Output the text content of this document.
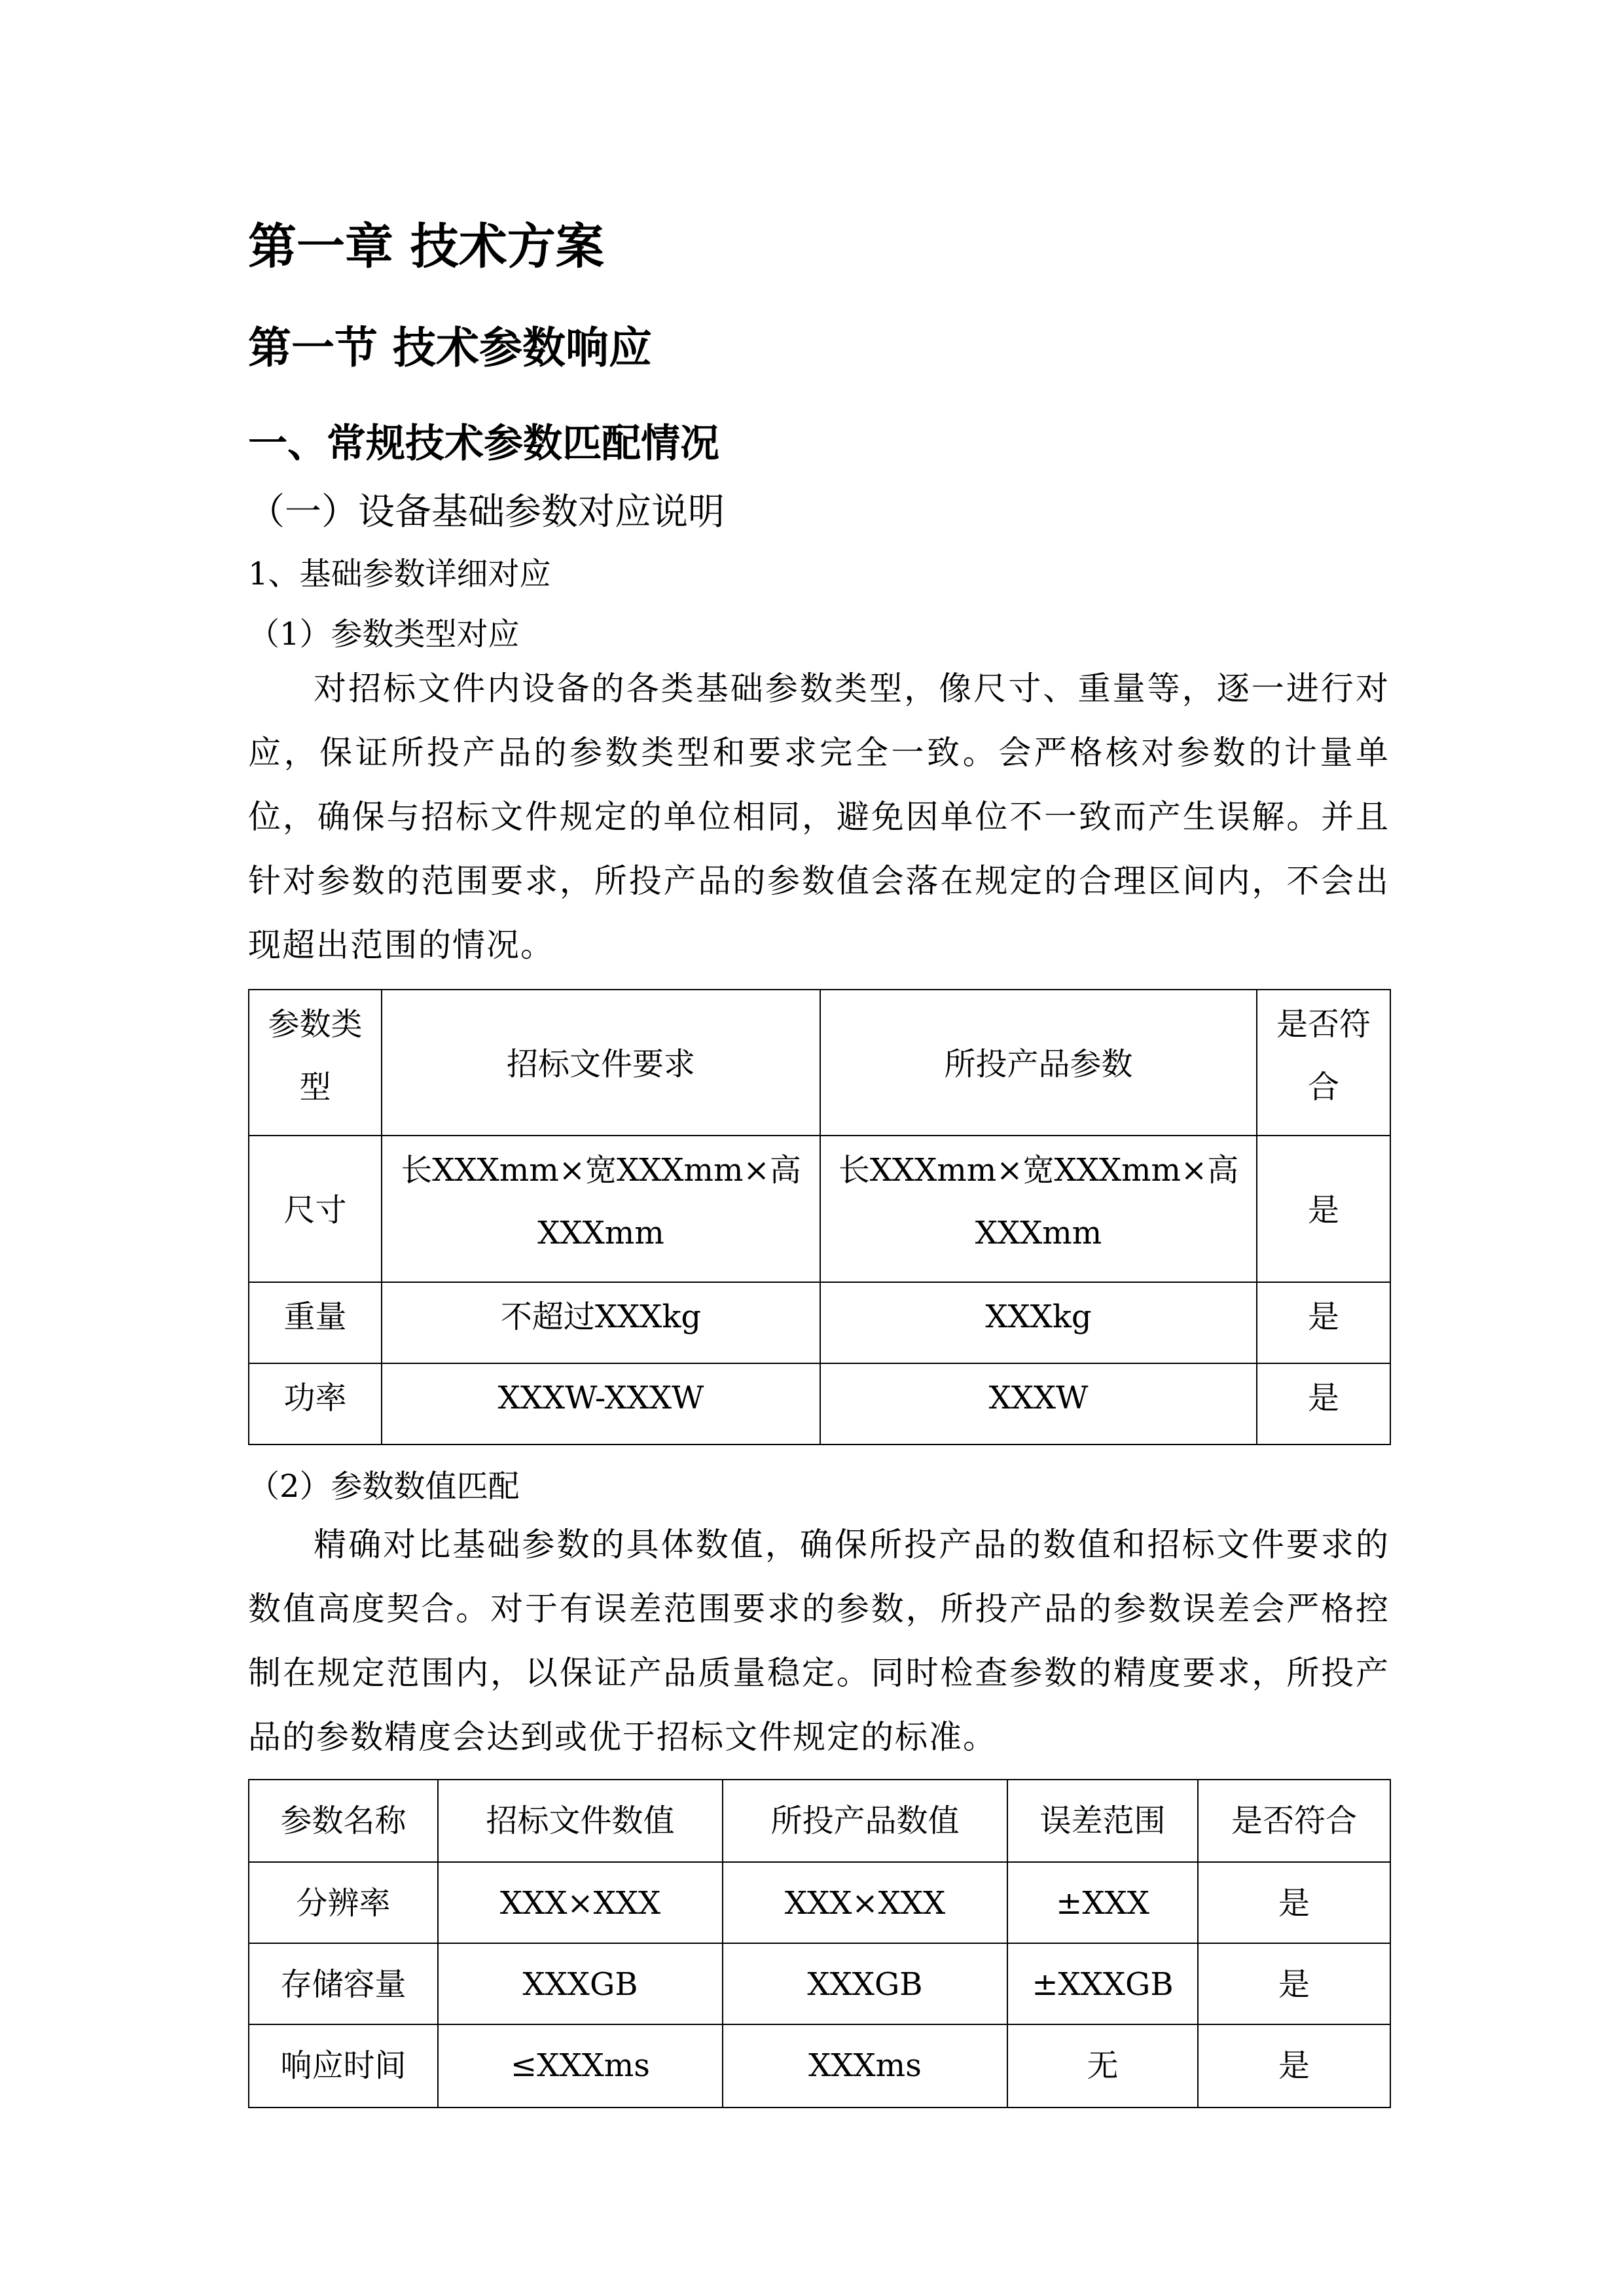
第一章 技术方案
第一节 技术参数响应
一、常规技术参数匹配情况
（一）设备基础参数对应说明
1、基础参数详细对应
（1）参数类型对应
对招标文件内设备的各类基础参数类型，像尺寸、重量等，逐一进行对应，保证所投产品的参数类型和要求完全一致。会严格核对参数的计量单位，确保与招标文件规定的单位相同，避免因单位不一致而产生误解。并且针对参数的范围要求，所投产品的参数值会落在规定的合理区间内，不会出现超出范围的情况。
参数类型	招标文件要求	所投产品参数	是否符合
尺寸	长XXXmm×宽XXXmm×高XXXmm	长XXXmm×宽XXXmm×高XXXmm	是
重量	不超过XXXkg	XXXkg	是
功率	XXXW-XXXW	XXXW	是
（2）参数数值匹配
精确对比基础参数的具体数值，确保所投产品的数值和招标文件要求的数值高度契合。对于有误差范围要求的参数，所投产品的参数误差会严格控制在规定范围内，以保证产品质量稳定。同时检查参数的精度要求，所投产品的参数精度会达到或优于招标文件规定的标准。
参数名称	招标文件数值	所投产品数值	误差范围	是否符合
分辨率	XXX×XXX	XXX×XXX	±XXX	是
存储容量	XXXGB	XXXGB	±XXXGB	是
响应时间	≤XXXms	XXXms	无	是
